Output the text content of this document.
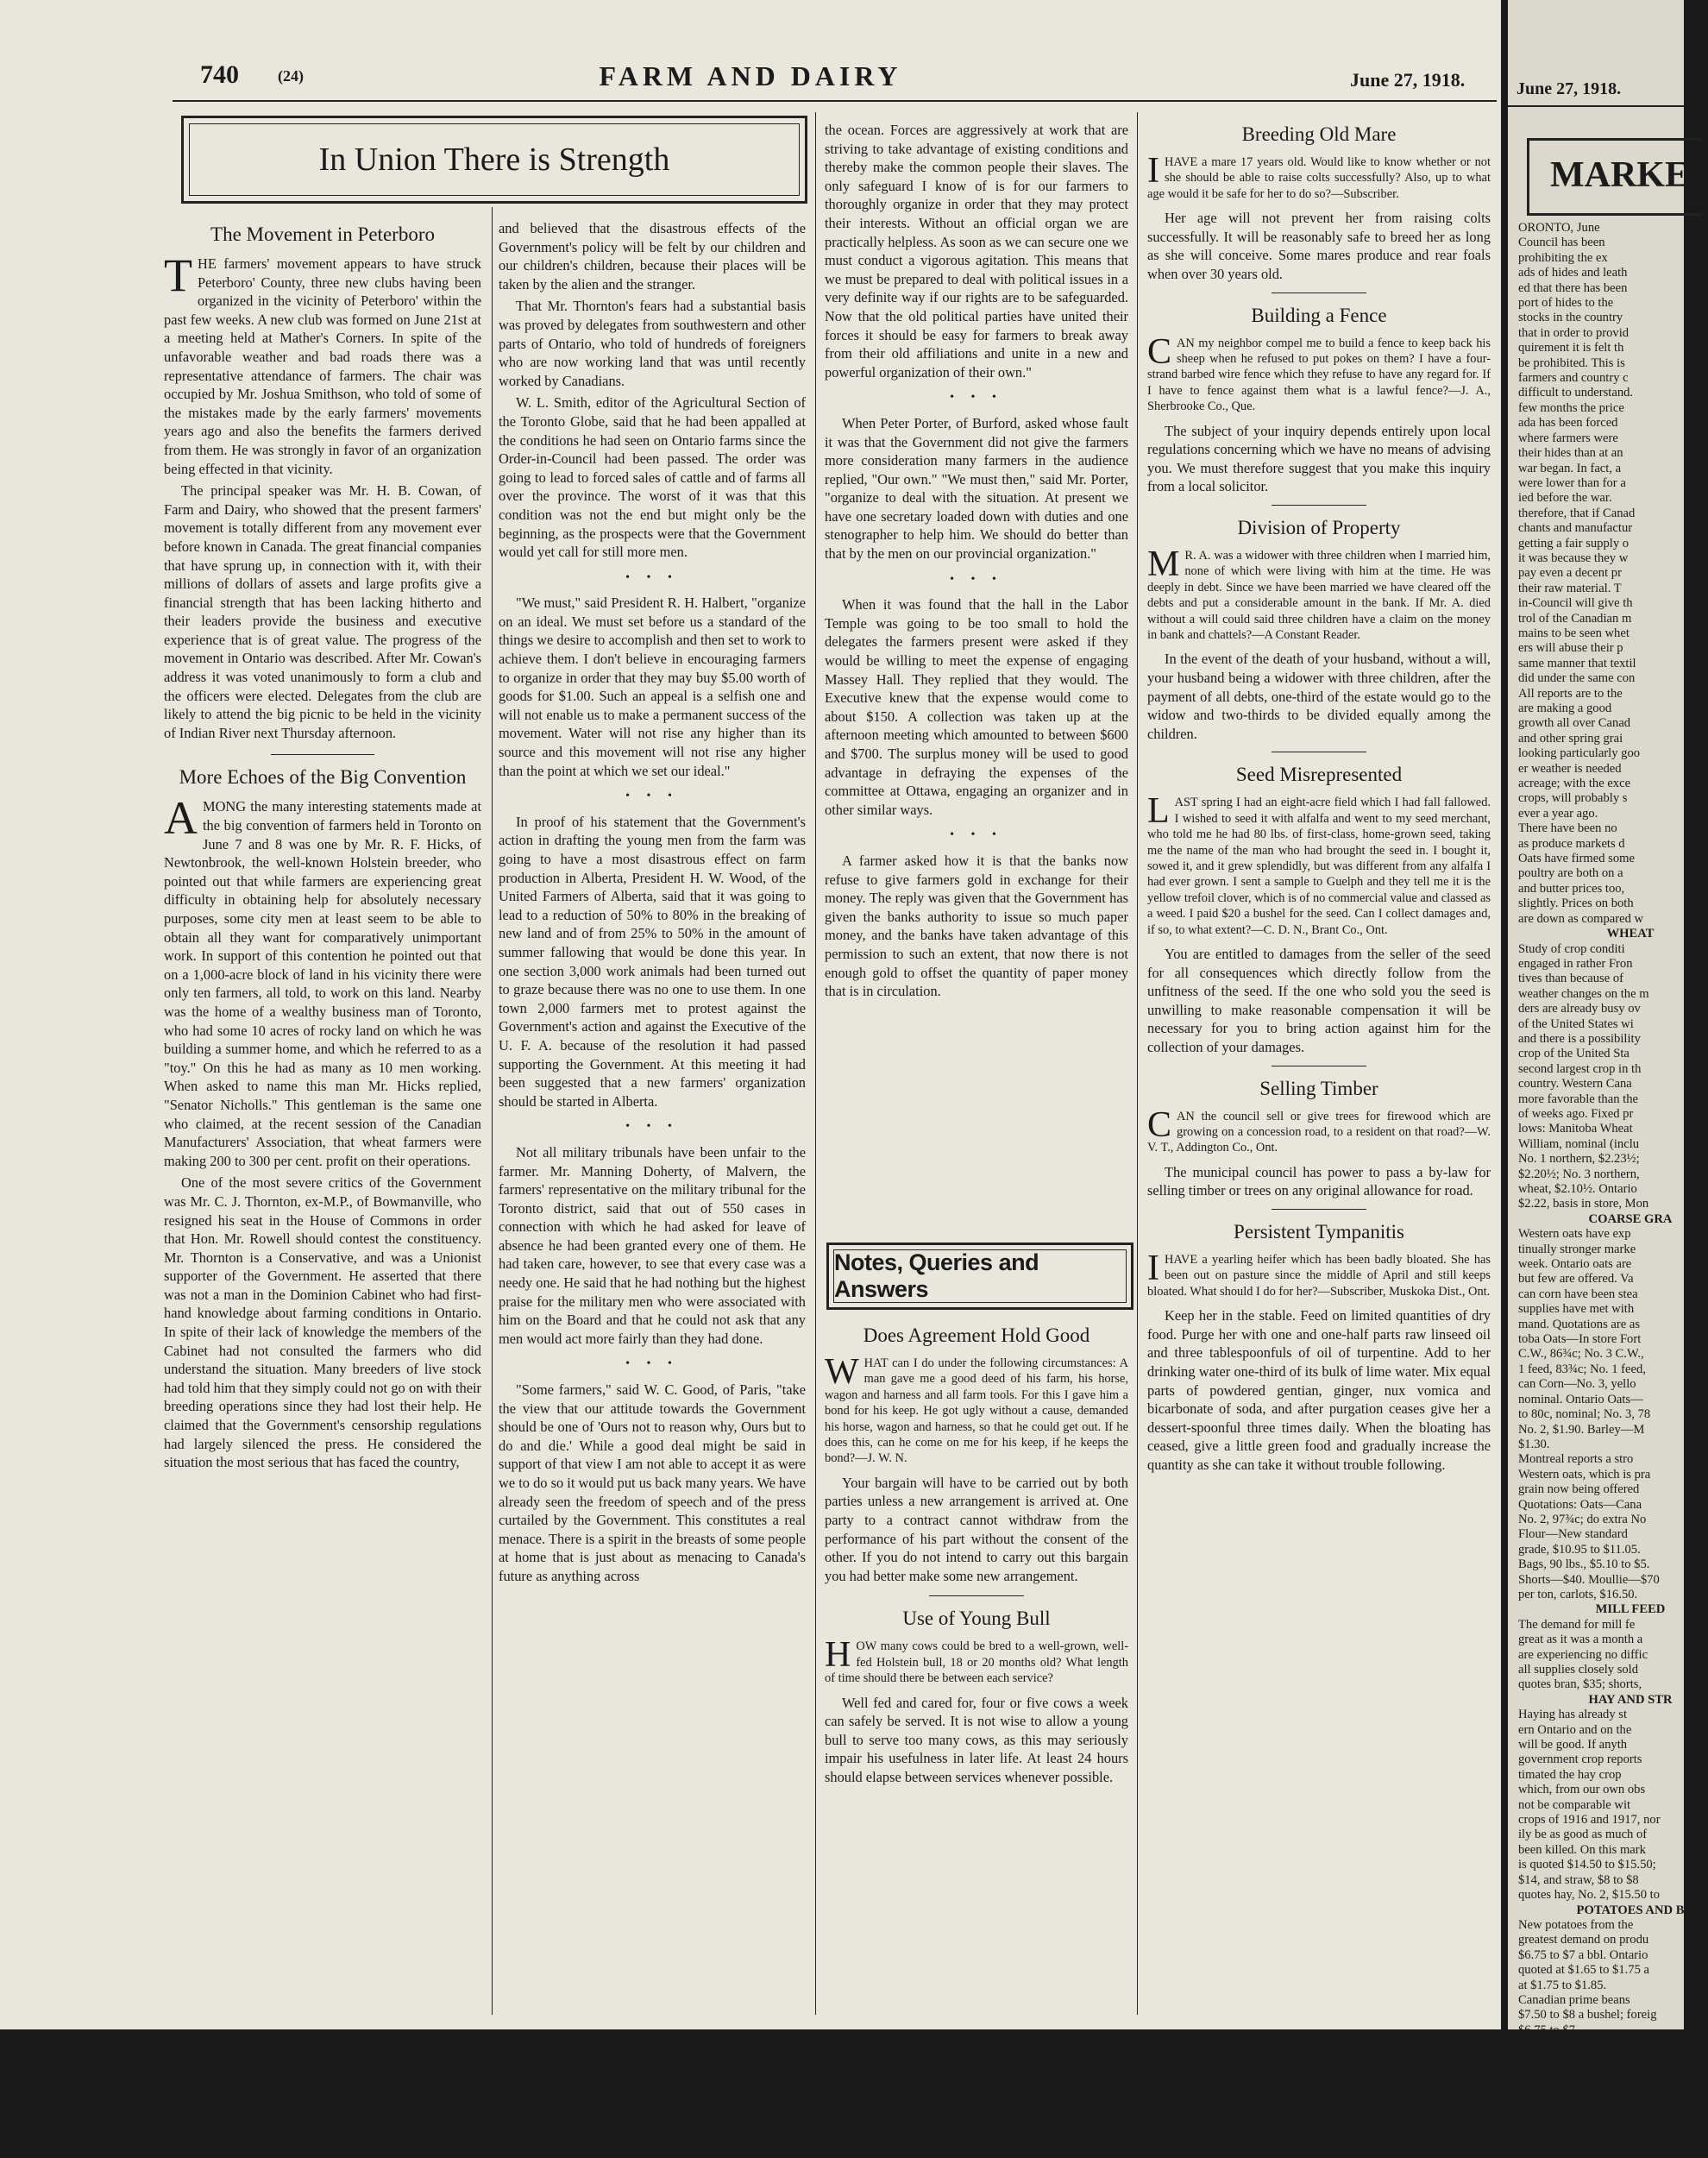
740	(24)	FARM AND DAIRY	June 27, 1918.
In Union There is Strength
The Movement in Peterboro

THE farmers' movement appears to have struck Peterboro' County, three new clubs having been organized in the vicinity of Peterboro' within the past few weeks. A new club was formed on June 21st at a meeting held at Mather's Corners. In spite of the unfavorable weather and bad roads there was a representative attendance of farmers. The chair was occupied by Mr. Joshua Smithson, who told of some of the mistakes made by the early farmers' movements years ago and also the benefits the farmers derived from them. He was strongly in favor of an organization being effected in that vicinity.

The principal speaker was Mr. H. B. Cowan, of Farm and Dairy, who showed that the present farmers' movement is totally different from any movement ever before known in Canada. The great financial companies that have sprung up, in connection with it, with their millions of dollars of assets and large profits give a financial strength that has been lacking hitherto and their leaders provide the business and executive experience that is of great value. The progress of the movement in Ontario was described. After Mr. Cowan's address it was voted unanimously to form a club and the officers were elected. Delegates from the club are likely to attend the big picnic to be held in the vicinity of Indian River next Thursday afternoon.

More Echoes of the Big Convention

AMONG the many interesting statements made at the big convention of farmers held in Toronto on June 7 and 8 was one by Mr. R. F. Hicks, of Newtonbrook, the well-known Holstein breeder, who pointed out that while farmers are experiencing great difficulty in obtaining help for absolutely necessary purposes, some city men at least seem to be able to obtain all they want for comparatively unimportant work. In support of this contention he pointed out that on a 1,000-acre block of land in his vicinity there were only ten farmers, all told, to work on this land. Nearby was the home of a wealthy business man of Toronto, who had some 10 acres of rocky land on which he was building a summer home, and which he referred to as a "toy." On this he had as many as 10 men working. When asked to name this man Mr. Hicks replied, "Senator Nicholls." This gentleman is the same one who claimed, at the recent session of the Canadian Manufacturers' Association, that wheat farmers were making 200 to 300 per cent. profit on their operations.

One of the most severe critics of the Government was Mr. C. J. Thornton, ex-M.P., of Bowmanville, who resigned his seat in the House of Commons in order that Hon. Mr. Rowell should contest the constituency. Mr. Thornton is a Conservative, and was a Unionist supporter of the Government. He asserted that there was not a man in the Dominion Cabinet who had first-hand knowledge about farming conditions in Ontario. In spite of their lack of knowledge the members of the Cabinet had not consulted the farmers who did understand the situation. Many breeders of live stock had told him that they simply could not go on with their breeding operations since they had lost their help. He claimed that the Government's censorship regulations had largely silenced the press. He considered the situation the most serious that has faced the country,

and believed that the disastrous effects of the Government's policy will be felt by our children and our children's children, because their places will be taken by the alien and the stranger.

That Mr. Thornton's fears had a substantial basis was proved by delegates from southwestern and other parts of Ontario, who told of hundreds of foreigners who are now working land that was until recently worked by Canadians.

W. L. Smith, editor of the Agricultural Section of the Toronto Globe, said that he had been appalled at the conditions he had seen on Ontario farms since the Order-in-Council had been passed. The order was going to lead to forced sales of cattle and of farms all over the province. The worst of it was that this condition was not the end but might only be the beginning, as the prospects were that the Government would yet call for still more men.

• • •

"We must," said President R. H. Halbert, "organize on an ideal. We must set before us a standard of the things we desire to accomplish and then set to work to achieve them. I don't believe in encouraging farmers to organize in order that they may buy $5.00 worth of goods for $1.00. Such an appeal is a selfish one and will not enable us to make a permanent success of the movement. Water will not rise any higher than its source and this movement will not rise any higher than the point at which we set our ideal."

• • •

In proof of his statement that the Government's action in drafting the young men from the farm was going to have a most disastrous effect on farm production in Alberta, President H. W. Wood, of the United Farmers of Alberta, said that it was going to lead to a reduction of 50% to 80% in the breaking of new land and of from 25% to 50% in the amount of summer fallowing that would be done this year. In one section 3,000 work animals had been turned out to graze because there was no one to use them. In one town 2,000 farmers met to protest against the Government's action and against the Executive of the U. F. A. because of the resolution it had passed supporting the Government. At this meeting it had been suggested that a new farmers' organization should be started in Alberta.

• • •

Not all military tribunals have been unfair to the farmer. Mr. Manning Doherty, of Malvern, the farmers' representative on the military tribunal for the Toronto district, said that out of 550 cases in connection with which he had asked for leave of absence he had been granted every one of them. He had taken care, however, to see that every case was a needy one. He said that he had nothing but the highest praise for the military men who were associated with him on the Board and that he could not ask that any men would act more fairly than they had done.

• • •

"Some farmers," said W. C. Good, of Paris, "take the view that our attitude towards the Government should be one of 'Ours not to reason why, Ours but to do and die.' While a good deal might be said in support of that view I am not able to accept it as were we to do so it would put us back many years. We have already seen the freedom of speech and of the press curtailed by the Government. This constitutes a real menace. There is a spirit in the breasts of some people at home that is just about as menacing to Canada's future as anything across

the ocean. Forces are aggressively at work that are striving to take advantage of existing conditions and thereby make the common people their slaves. The only safeguard I know of is for our farmers to thoroughly organize in order that they may protect their interests. Without an official organ we are practically helpless. As soon as we can secure one we must conduct a vigorous agitation. This means that we must be prepared to deal with political issues in a very definite way if our rights are to be safeguarded. Now that the old political parties have united their forces it should be easy for farmers to break away from their old affiliations and unite in a new and powerful organization of their own."

• • •

When Peter Porter, of Burford, asked whose fault it was that the Government did not give the farmers more consideration many farmers in the audience replied, "Our own." "We must then," said Mr. Porter, "organize to deal with the situation. At present we have one secretary loaded down with duties and one stenographer to help him. We should do better than that by the men on our provincial organization."

• • •

When it was found that the hall in the Labor Temple was going to be too small to hold the delegates the farmers present were asked if they would be willing to meet the expense of engaging Massey Hall. They replied that they would. The Executive knew that the expense would come to about $150. A collection was taken up at the afternoon meeting which amounted to between $600 and $700. The surplus money will be used to good advantage in defraying the expenses of the committee at Ottawa, engaging an organizer and in other similar ways.

• • •

A farmer asked how it is that the banks now refuse to give farmers gold in exchange for their money. The reply was given that the Government has given the banks authority to issue so much paper money, and the banks have taken advantage of this permission to such an extent, that now there is not enough gold to offset the quantity of paper money that is in circulation.

Notes, Queries and Answers
Does Agreement Hold Good

WHAT can I do under the following circumstances: A man gave me a good deed of his farm, his horse, wagon and harness and all farm tools. For this I gave him a bond for his keep. He got ugly without a cause, demanded his horse, wagon and harness, so that he could get out. If he does this, can he come on me for his keep, if he keeps the bond?—J. W. N.

Your bargain will have to be carried out by both parties unless a new arrangement is arrived at. One party to a contract cannot withdraw from the performance of his part without the consent of the other. If you do not intend to carry out this bargain you had better make some new arrangement.

Use of Young Bull

HOW many cows could be bred to a well-grown, well-fed Holstein bull, 18 or 20 months old? What length of time should there be between each service?

Well fed and cared for, four or five cows a week can safely be served. It is not wise to allow a young bull to serve too many cows, as this may seriously impair his usefulness in later life. At least 24 hours should elapse between services whenever possible.

Breeding Old Mare

IHAVE a mare 17 years old. Would like to know whether or not she should be able to raise colts successfully? Also, up to what age would it be safe for her to do so?—Subscriber.

Her age will not prevent her from raising colts successfully. It will be reasonably safe to breed her as long as she will conceive. Some mares produce and rear foals when over 30 years old.

Building a Fence

CAN my neighbor compel me to build a fence to keep back his sheep when he refused to put pokes on them? I have a four-strand barbed wire fence which they refuse to have any regard for. If I have to fence against them what is a lawful fence?—J. A., Sherbrooke Co., Que.

The subject of your inquiry depends entirely upon local regulations concerning which we have no means of advising you. We must therefore suggest that you make this inquiry from a local solicitor.

Division of Property

M R. A. was a widower with three children when I married him, none of which were living with him at the time. He was deeply in debt. Since we have been married we have cleared off the debts and put a considerable amount in the bank. If Mr. A. died without a will could said three children have a claim on the money in bank and chattels?—A Constant Reader.

In the event of the death of your husband, without a will, your husband being a widower with three children, after the payment of all debts, one-third of the estate would go to the widow and two-thirds to be divided equally among the children.

Seed Misrepresented

LAST spring I had an eight-acre field which I had fall fallowed. I wished to seed it with alfalfa and went to my seed merchant, who told me he had 80 lbs. of first-class, home-grown seed, taking me the name of the man who had brought the seed in. I bought it, sowed it, and it grew splendidly, but was different from any alfalfa I had ever grown. I sent a sample to Guelph and they tell me it is the yellow trefoil clover, which is of no commercial value and classed as a weed. I paid $20 a bushel for the seed. Can I collect damages and, if so, to what extent?—C. D. N., Brant Co., Ont.

You are entitled to damages from the seller of the seed for all consequences which directly follow from the unfitness of the seed. If the one who sold you the seed is unwilling to make reasonable compensation it will be necessary for you to bring action against him for the collection of your damages.

Selling Timber

CAN the council sell or give trees for firewood which are growing on a concession road, to a resident on that road?—W. V. T., Addington Co., Ont.

The municipal council has power to pass a by-law for selling timber or trees on any original allowance for road.

Persistent Tympanitis

IHAVE a yearling heifer which has been badly bloated. She has been out on pasture since the middle of April and still keeps bloated. What should I do for her?—Subscriber, Muskoka Dist., Ont.

Keep her in the stable. Feed on limited quantities of dry food. Purge her with one and one-half parts raw linseed oil and three tablespoonfuls of oil of turpentine. Add to her drinking water one-third of its bulk of lime water. Mix equal parts of powdered gentian, ginger, nux vomica and bicarbonate of soda, and after purgation ceases give her a dessert-spoonful three times daily. When the bloating has ceased, give a little green food and gradually increase the quantity as she can take it without trouble following.

June 27, 1918.
MARKE
ORONTO, June
Council has been
prohibiting the ex
ads of hides and leath
ed that there has been
port of hides to the
stocks in the country
that in order to provid
quirement it is felt th
be prohibited. This is
farmers and country c
difficult to understand.
few months the price
ada has been forced
where farmers were
their hides than at an
war began. In fact, a
were lower than for a
ied before the war.
therefore, that if Canad
chants and manufactur
getting a fair supply o
it was because they w
pay even a decent pr
their raw material. T
in-Council will give th
trol of the Canadian m
mains to be seen whet
ers will abuse their p
same manner that textil
did under the same con
All reports are to the
are making a good
growth all over Canad
and other spring grai
looking particularly goo
er weather is needed
acreage; with the exce
crops, will probably s
ever a year ago.
There have been no
as produce markets d
Oats have firmed some
poultry are both on a
and butter prices too,
slightly. Prices on both
are down as compared w
WHEAT
Study of crop conditi
engaged in rather Fron
tives than because of
weather changes on the m
ders are already busy ov
of the United States wi
and there is a possibility
crop of the United Sta
second largest crop in th
country. Western Cana
more favorable than the
of weeks ago. Fixed pr
lows: Manitoba Wheat
William, nominal (inclu
No. 1 northern, $2.23½;
$2.20½; No. 3 northern,
wheat, $2.10½. Ontario
$2.22, basis in store, Mon
COARSE GRA
Western oats have exp
tinually stronger marke
week. Ontario oats are
but few are offered. Va
can corn have been stea
supplies have met with
mand. Quotations are as
toba Oats—In store Fort
C.W., 86¾c; No. 3 C.W.,
1 feed, 83¾c; No. 1 feed,
can Corn—No. 3, yello
nominal. Ontario Oats—
to 80c, nominal; No. 3, 78
No. 2, $1.90. Barley—M
$1.30.
Montreal reports a stro
Western oats, which is pra
grain now being offered
Quotations: Oats—Cana
No. 2, 97¾c; do extra No
Flour—New standard
grade, $10.95 to $11.05.
Bags, 90 lbs., $5.10 to $5.
Shorts—$40. Moullie—$70
per ton, carlots, $16.50.
MILL FEED
The demand for mill fe
great as it was a month a
are experiencing no diffic
all supplies closely sold
quotes bran, $35; shorts,
HAY AND STR
Haying has already st
ern Ontario and on the
will be good. If anyth
government crop reports
timated the hay crop
which, from our own obs
not be comparable wit
crops of 1916 and 1917, nor
ily be as good as much of
been killed. On this mark
is quoted $14.50 to $15.50;
$14, and straw, $8 to $8
quotes hay, No. 2, $15.50 to
POTATOES AND B
New potatoes from the
greatest demand on produ
$6.75 to $7 a bbl. Ontario
quoted at $1.65 to $1.75 a
at $1.75 to $1.85.
Canadian prime beans
$7.50 to $8 a bushel; foreig
$6.75 to $7.
HIDES AND WO
Beef hides, green, 11c; gr
cured, 15c; deacons or bob
$2.50; horsehides, country
1, $6 to $6; No. 2, $4 to $5
skins, $2.50 to $3.50. Horse
stock, 28c per lb.
Wool—Unwashed, fine
